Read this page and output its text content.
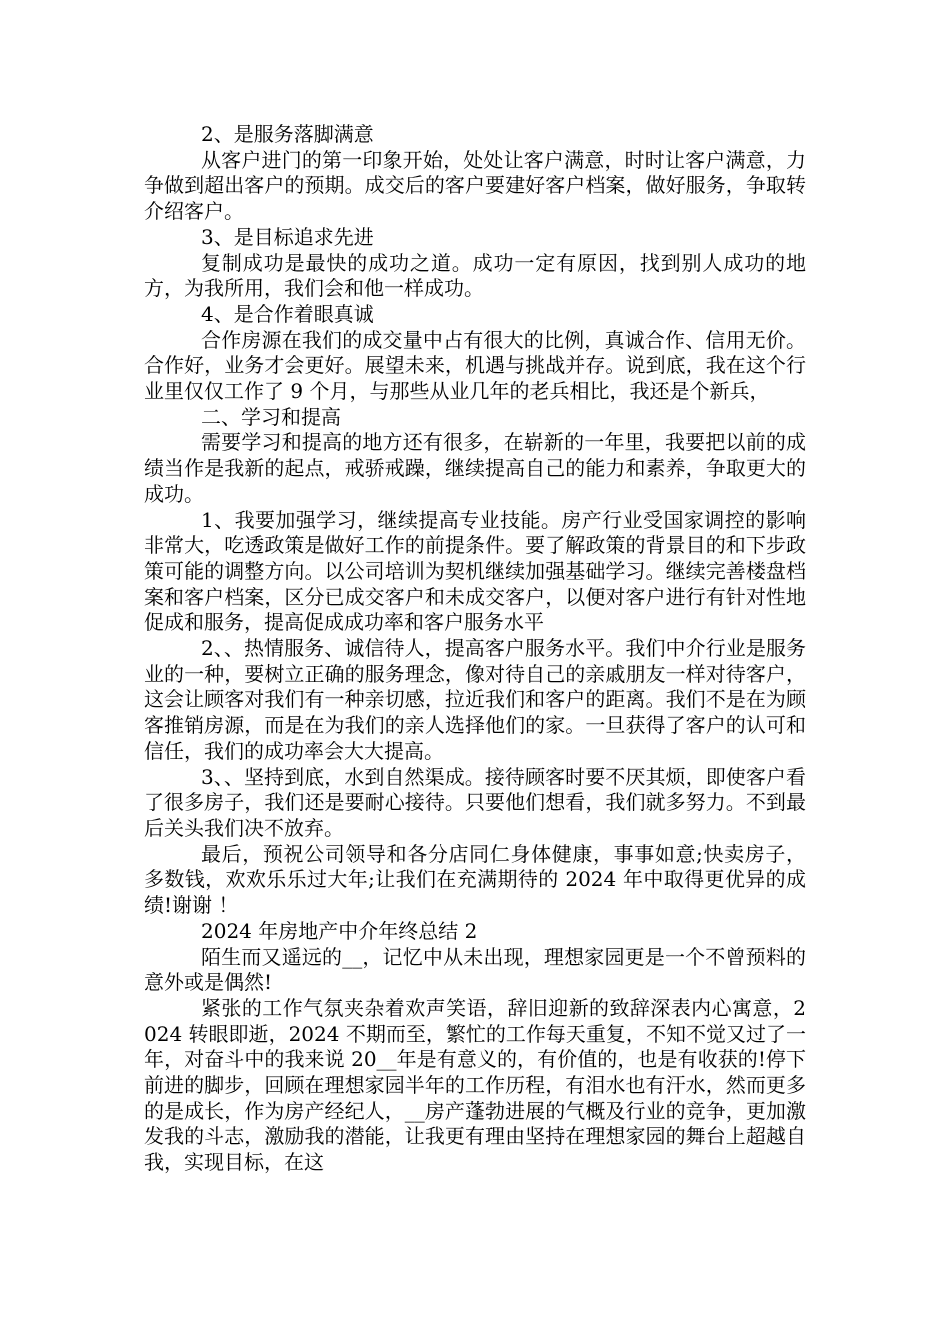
2、是服务落脚满意

从客户进门的第一印象开始，处处让客户满意，时时让客户满意，力争做到超出客户的预期。成交后的客户要建好客户档案，做好服务，争取转介绍客户。

3、是目标追求先进

复制成功是最快的成功之道。成功一定有原因，找到别人成功的地方，为我所用，我们会和他一样成功。

4、是合作着眼真诚

合作房源在我们的成交量中占有很大的比例，真诚合作、信用无价。合作好，业务才会更好。展望未来，机遇与挑战并存。说到底，我在这个行业里仅仅工作了 9 个月，与那些从业几年的老兵相比，我还是个新兵，

二、学习和提高

需要学习和提高的地方还有很多，在崭新的一年里，我要把以前的成绩当作是我新的起点，戒骄戒躁，继续提高自己的能力和素养，争取更大的成功。

1、我要加强学习，继续提高专业技能。房产行业受国家调控的影响非常大，吃透政策是做好工作的前提条件。要了解政策的背景目的和下步政策可能的调整方向。以公司培训为契机继续加强基础学习。继续完善楼盘档案和客户档案，区分已成交客户和未成交客户，以便对客户进行有针对性地促成和服务，提高促成成功率和客户服务水平

2、、热情服务、诚信待人，提高客户服务水平。我们中介行业是服务业的一种，要树立正确的服务理念，像对待自己的亲戚朋友一样对待客户，这会让顾客对我们有一种亲切感，拉近我们和客户的距离。我们不是在为顾客推销房源，而是在为我们的亲人选择他们的家。一旦获得了客户的认可和信任，我们的成功率会大大提高。

3、、坚持到底，水到自然渠成。接待顾客时要不厌其烦，即使客户看了很多房子，我们还是要耐心接待。只要他们想看，我们就多努力。不到最后关头我们决不放弃。

最后，预祝公司领导和各分店同仁身体健康，事事如意;快卖房子，多数钱，欢欢乐乐过大年;让我们在充满期待的 2024 年中取得更优异的成绩!谢谢 ！

2024 年房地产中介年终总结 2

陌生而又遥远的__，记忆中从未出现，理想家园更是一个不曾预料的意外或是偶然!

紧张的工作气氛夹杂着欢声笑语，辞旧迎新的致辞深表内心寓意，2024 转眼即逝，2024 不期而至，繁忙的工作每天重复，不知不觉又过了一年，对奋斗中的我来说 20__年是有意义的，有价值的，也是有收获的!停下前进的脚步，回顾在理想家园半年的工作历程，有泪水也有汗水，然而更多的是成长，作为房产经纪人，__房产蓬勃进展的气概及行业的竞争，更加激发我的斗志，激励我的潜能，让我更有理由坚持在理想家园的舞台上超越自我，实现目标，在这
